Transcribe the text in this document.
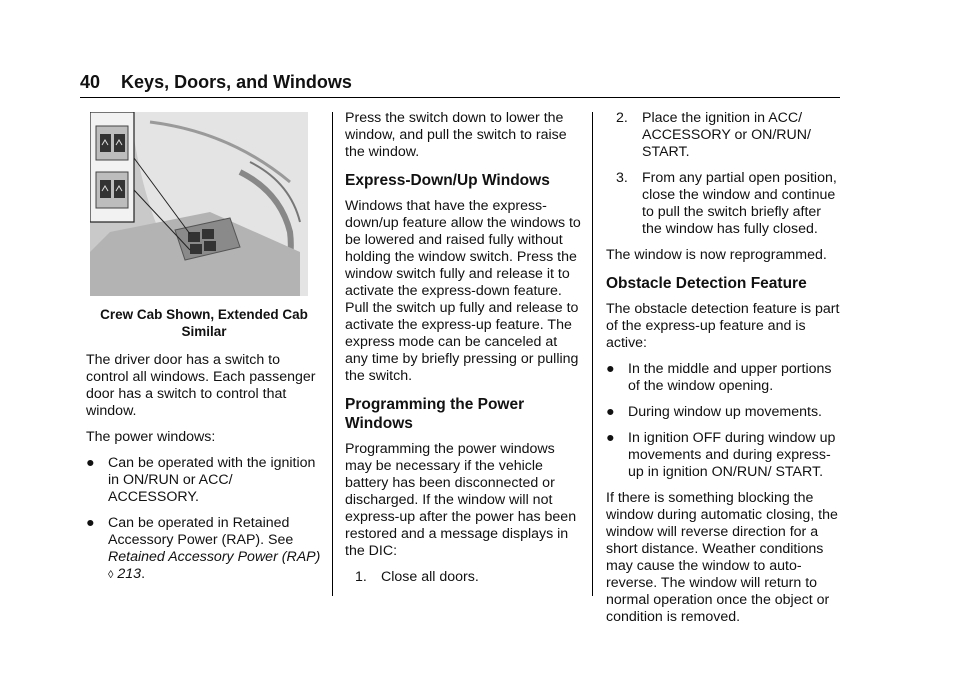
40 Keys, Doors, and Windows
Crew Cab Shown, Extended Cab Similar

The driver door has a switch to control all windows. Each passenger door has a switch to control that window.

The power windows:

● Can be operated with the ignition in ON/RUN or ACC/ ACCESSORY.
● Can be operated in Retained Accessory Power (RAP). See Retained Accessory Power (RAP) ◊ 213.

Press the switch down to lower the window, and pull the switch to raise the window.

Express-Down/Up Windows

Windows that have the express-down/up feature allow the windows to be lowered and raised fully without holding the window switch. Press the window switch fully and release it to activate the express-down feature. Pull the switch up fully and release to activate the express-up feature. The express mode can be canceled at any time by briefly pressing or pulling the switch.

Programming the Power Windows

Programming the power windows may be necessary if the vehicle battery has been disconnected or discharged. If the window will not express-up after the power has been restored and a message displays in the DIC:

1. Close all doors.
2. Place the ignition in ACC/ ACCESSORY or ON/RUN/ START.
3. From any partial open position, close the window and continue to pull the switch briefly after the window has fully closed.

The window is now reprogrammed.

Obstacle Detection Feature

The obstacle detection feature is part of the express-up feature and is active:

● In the middle and upper portions of the window opening.
● During window up movements.
● In ignition OFF during window up movements and during express-up in ignition ON/RUN/ START.

If there is something blocking the window during automatic closing, the window will reverse direction for a short distance. Weather conditions may cause the window to auto-reverse. The window will return to normal operation once the object or condition is removed.
